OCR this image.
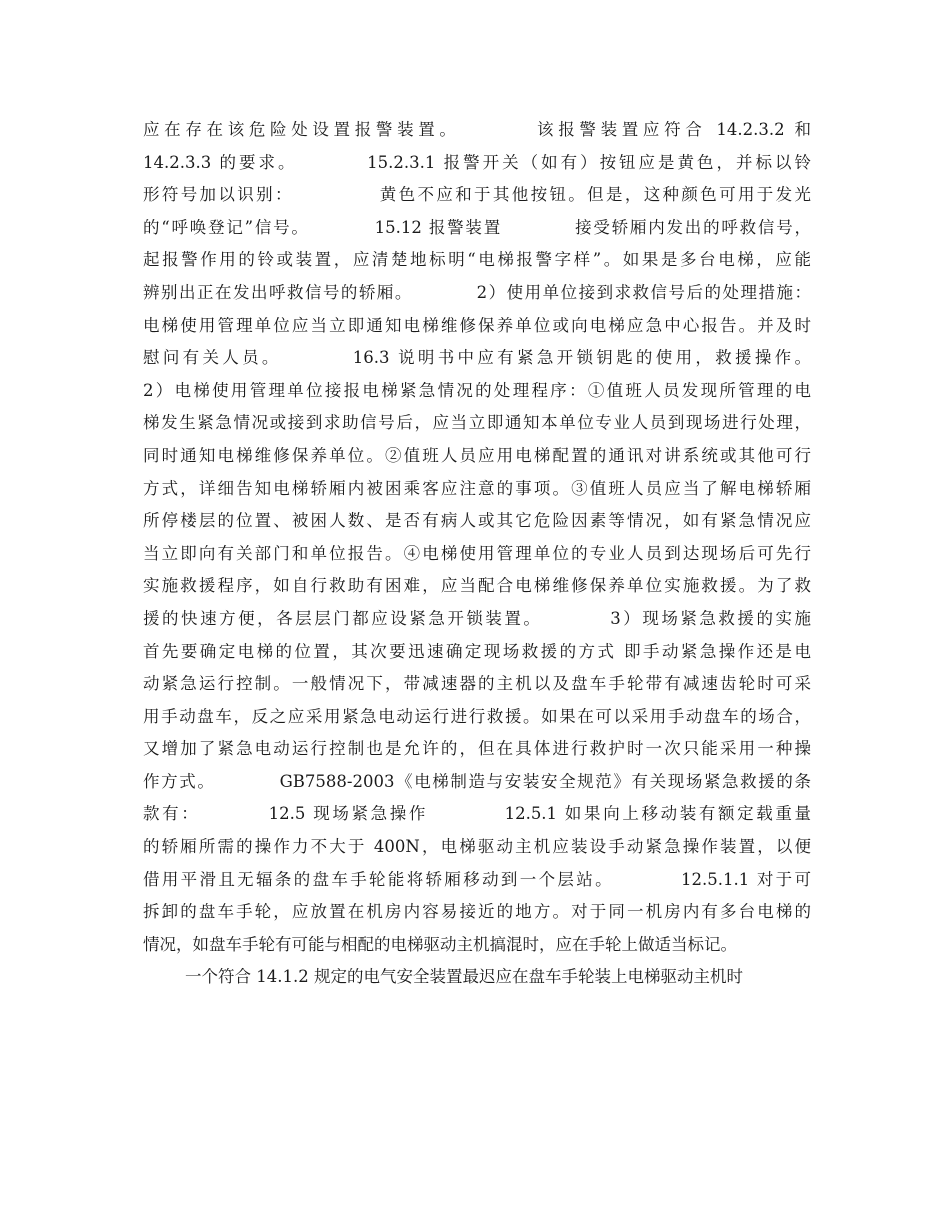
应在存在该危险处设置报警装置。　　　　该报警装置应符合 14.2.3.2 和
14.2.3.3 的要求。　　　　15.2.3.1 报警开关（如有）按钮应是黄色，并标以铃
形符号加以识别：　　　　　黄色不应和于其他按钮。但是，这种颜色可用于发光
的“呼唤登记”信号。　　　　15.12 报警装置　　　　接受轿厢内发出的呼救信号，
起报警作用的铃或装置，应清楚地标明“电梯报警字样”。如果是多台电梯，应能
辨别出正在发出呼救信号的轿厢。　　　　2）使用单位接到求救信号后的处理措施：
电梯使用管理单位应当立即通知电梯维修保养单位或向电梯应急中心报告。并及时
慰问有关人员。　　　　16.3 说明书中应有紧急开锁钥匙的使用，救援操作。
2）电梯使用管理单位接报电梯紧急情况的处理程序：①值班人员发现所管理的电
梯发生紧急情况或接到求助信号后，应当立即通知本单位专业人员到现场进行处理，
同时通知电梯维修保养单位。②值班人员应用电梯配置的通讯对讲系统或其他可行
方式，详细告知电梯轿厢内被困乘客应注意的事项。③值班人员应当了解电梯轿厢
所停楼层的位置、被困人数、是否有病人或其它危险因素等情况，如有紧急情况应
当立即向有关部门和单位报告。④电梯使用管理单位的专业人员到达现场后可先行
实施救援程序，如自行救助有困难，应当配合电梯维修保养单位实施救援。为了救
援的快速方便，各层层门都应设紧急开锁装置。　　　　3）现场紧急救援的实施
首先要确定电梯的位置，其次要迅速确定现场救援的方式 即手动紧急操作还是电
动紧急运行控制。一般情况下，带减速器的主机以及盘车手轮带有减速齿轮时可采
用手动盘车，反之应采用紧急电动运行进行救援。如果在可以采用手动盘车的场合，
又增加了紧急电动运行控制也是允许的，但在具体进行救护时一次只能采用一种操
作方式。　　　　GB7588-2003《电梯制造与安装安全规范》有关现场紧急救援的条
款有：　　　　12.5 现场紧急操作　　　　12.5.1 如果向上移动装有额定载重量
的轿厢所需的操作力不大于 400N，电梯驱动主机应装设手动紧急操作装置，以便
借用平滑且无辐条的盘车手轮能将轿厢移动到一个层站。　　　　12.5.1.1 对于可
拆卸的盘车手轮，应放置在机房内容易接近的地方。对于同一机房内有多台电梯的
情况，如盘车手轮有可能与相配的电梯驱动主机搞混时，应在手轮上做适当标记。
一个符合 14.1.2 规定的电气安全装置最迟应在盘车手轮装上电梯驱动主机时
